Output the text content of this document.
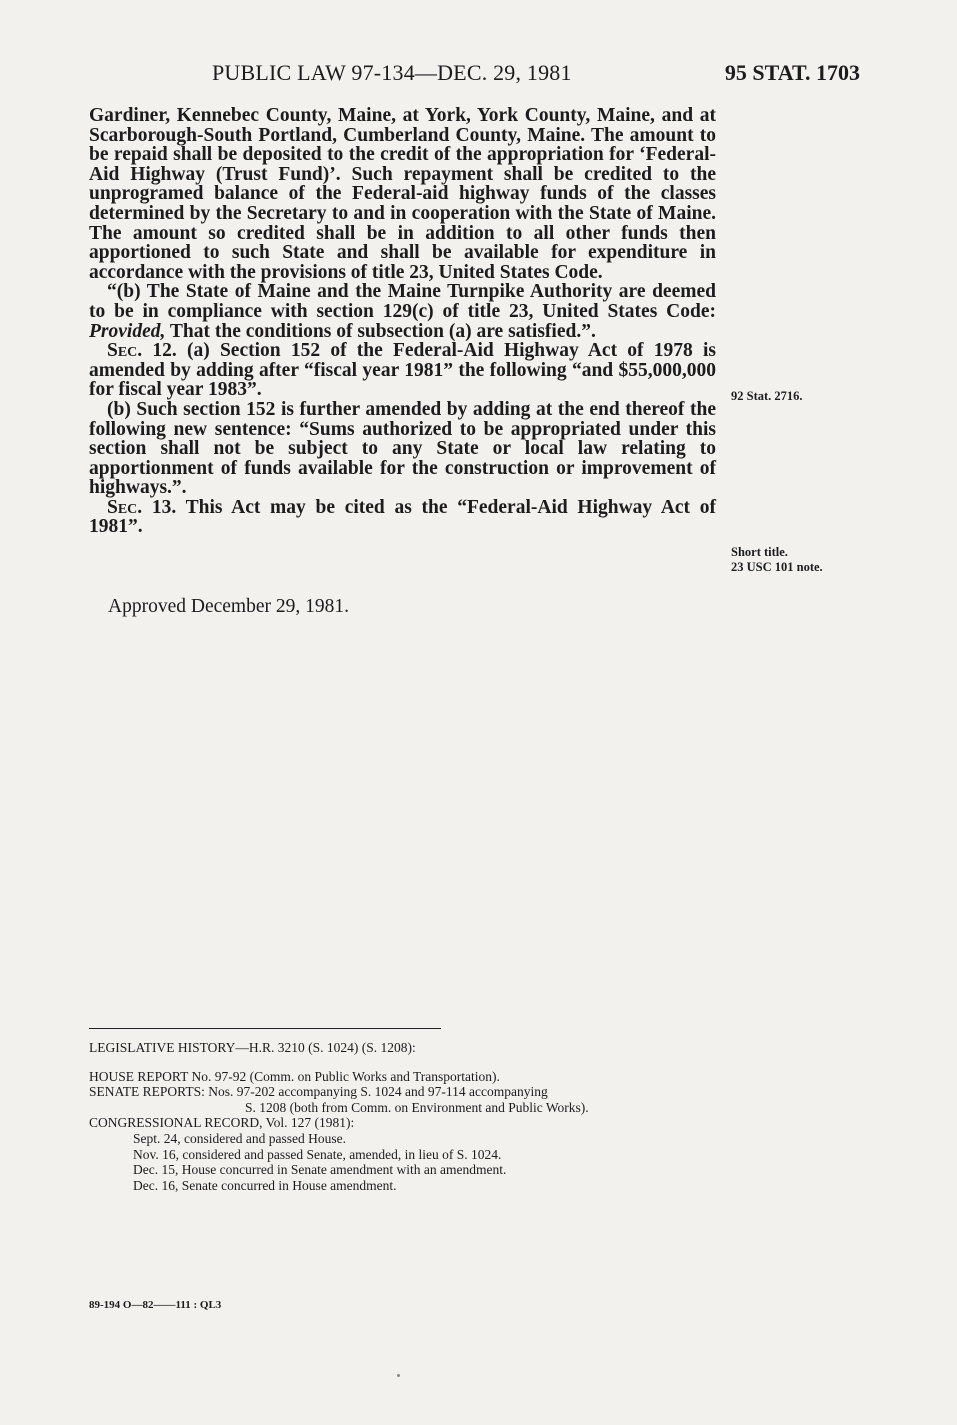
PUBLIC LAW 97-134—DEC. 29, 1981	95 STAT. 1703

Gardiner, Kennebec County, Maine, at York, York County, Maine, and at Scarborough-South Portland, Cumberland County, Maine. The amount to be repaid shall be deposited to the credit of the appropriation for ‘Federal-Aid Highway (Trust Fund)’. Such repayment shall be credited to the unprogramed balance of the Federal-aid highway funds of the classes determined by the Secretary to and in cooperation with the State of Maine. The amount so credited shall be in addition to all other funds then apportioned to such State and shall be available for expenditure in accordance with the provisions of title 23, United States Code.

“(b) The State of Maine and the Maine Turnpike Authority are deemed to be in compliance with section 129(c) of title 23, United States Code: Provided, That the conditions of subsection (a) are satisfied.”.

Sec. 12. (a) Section 152 of the Federal-Aid Highway Act of 1978 is amended by adding after “fiscal year 1981” the following “and $55,000,000 for fiscal year 1983”.

(b) Such section 152 is further amended by adding at the end thereof the following new sentence: “Sums authorized to be appropriated under this section shall not be subject to any State or local law relating to apportionment of funds available for the construction or improvement of highways.”.

Sec. 13. This Act may be cited as the “Federal-Aid Highway Act of 1981”.

Approved December 29, 1981.
92 Stat. 2716.
Short title.
23 USC 101 note.

LEGISLATIVE HISTORY—H.R. 3210 (S. 1024) (S. 1208):

HOUSE REPORT No. 97-92 (Comm. on Public Works and Transportation).

SENATE REPORTS: Nos. 97-202 accompanying S. 1024 and 97-114 accompanying

S. 1208 (both from Comm. on Environment and Public Works).

CONGRESSIONAL RECORD, Vol. 127 (1981):

Sept. 24, considered and passed House.

Nov. 16, considered and passed Senate, amended, in lieu of S. 1024.

Dec. 15, House concurred in Senate amendment with an amendment.

Dec. 16, Senate concurred in House amendment.

89-194 O—82——111 : QL3
